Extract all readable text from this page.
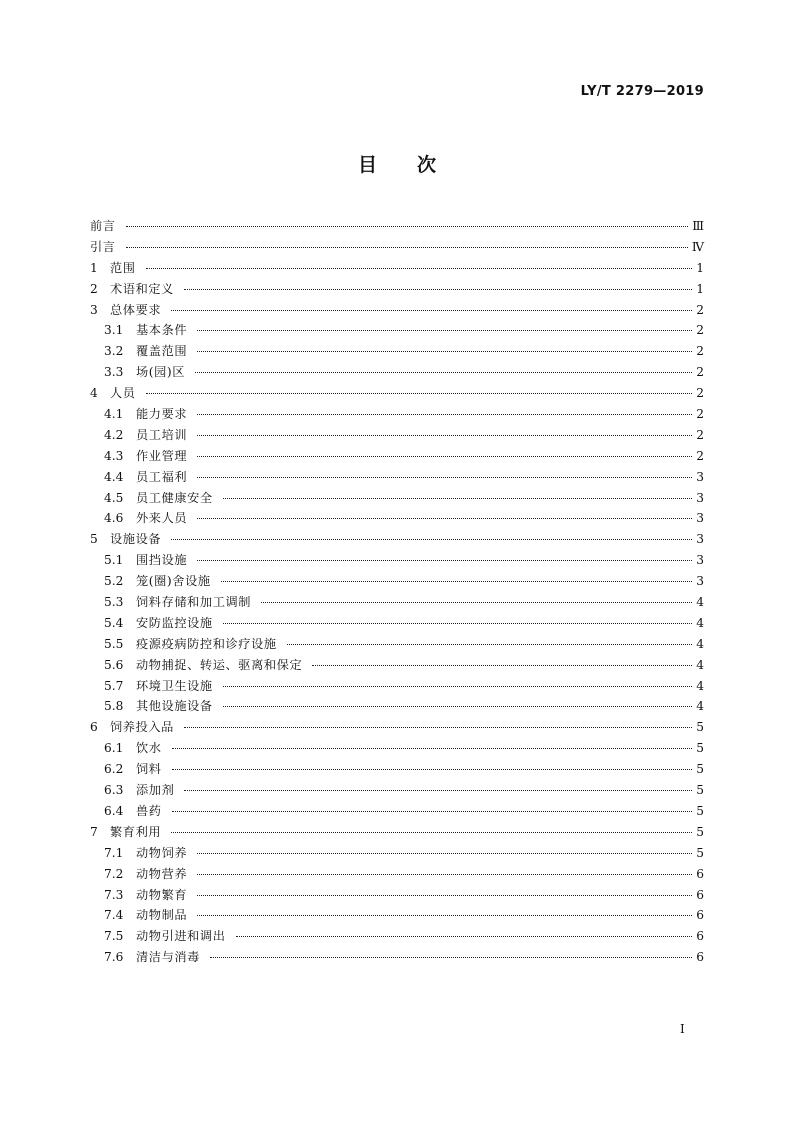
LY/T 2279—2019
目 次
前言	Ⅲ
引言	Ⅳ
1	范围	1
2	术语和定义	1
3	总体要求	2
3.1	基本条件	2
3.2	覆盖范围	2
3.3	场(园)区	2
4	人员	2
4.1	能力要求	2
4.2	员工培训	2
4.3	作业管理	2
4.4	员工福利	3
4.5	员工健康安全	3
4.6	外来人员	3
5	设施设备	3
5.1	围挡设施	3
5.2	笼(圈)舍设施	3
5.3	饲料存储和加工调制	4
5.4	安防监控设施	4
5.5	疫源疫病防控和诊疗设施	4
5.6	动物捕捉、转运、驱离和保定	4
5.7	环境卫生设施	4
5.8	其他设施设备	4
6	饲养投入品	5
6.1	饮水	5
6.2	饲料	5
6.3	添加剂	5
6.4	兽药	5
7	繁育利用	5
7.1	动物饲养	5
7.2	动物营养	6
7.3	动物繁育	6
7.4	动物制品	6
7.5	动物引进和调出	6
7.6	清洁与消毒	6
I
